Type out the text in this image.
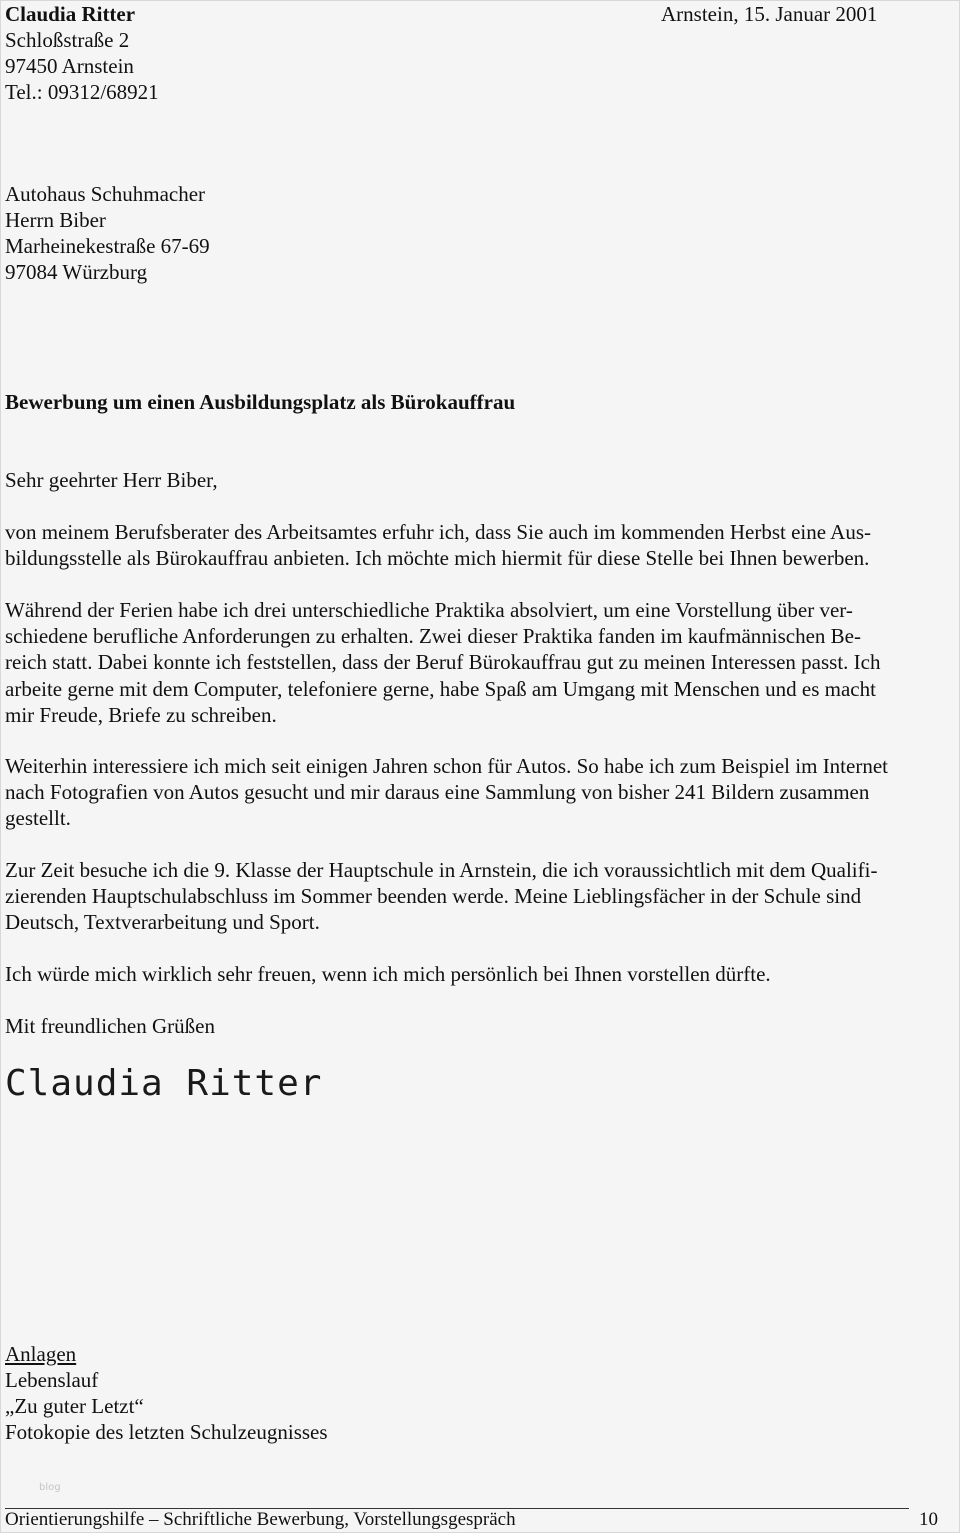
Claudia Ritter
Schloßstraße 2
97450 Arnstein
Tel.: 09312/68921
Arnstein, 15. Januar 2001
Autohaus Schuhmacher
Herrn Biber
Marheinekestraße 67-69
97084 Würzburg
Bewerbung um einen Ausbildungsplatz als Bürokauffrau
Sehr geehrter Herr Biber,
von meinem Berufsberater des Arbeitsamtes erfuhr ich, dass Sie auch im kommenden Herbst eine Aus-
bildungsstelle als Bürokauffrau anbieten. Ich möchte mich hiermit für diese Stelle bei Ihnen bewerben.
Während der Ferien habe ich drei unterschiedliche Praktika absolviert, um eine Vorstellung über ver-
schiedene berufliche Anforderungen zu erhalten. Zwei dieser Praktika fanden im kaufmännischen Be-
reich statt. Dabei konnte ich feststellen, dass der Beruf Bürokauffrau gut zu meinen Interessen passt. Ich
arbeite gerne mit dem Computer, telefoniere gerne, habe Spaß am Umgang mit Menschen und es macht
mir Freude, Briefe zu schreiben.
Weiterhin interessiere ich mich seit einigen Jahren schon für Autos. So habe ich zum Beispiel im Internet
nach Fotografien von Autos gesucht und mir daraus eine Sammlung von bisher 241 Bildern zusammen
gestellt.
Zur Zeit besuche ich die 9. Klasse der Hauptschule in Arnstein, die ich voraussichtlich mit dem Qualifi-
zierenden Hauptschulabschluss im Sommer beenden werde. Meine Lieblingsfächer in der Schule sind
Deutsch, Textverarbeitung und Sport.
Ich würde mich wirklich sehr freuen, wenn ich mich persönlich bei Ihnen vorstellen dürfte.
Mit freundlichen Grüßen
Claudia Ritter
Anlagen
Lebenslauf
„Zu guter Letzt“
Fotokopie des letzten Schulzeugnisses
blog
Orientierungshilfe – Schriftliche Bewerbung, Vorstellungsgespräch	10
